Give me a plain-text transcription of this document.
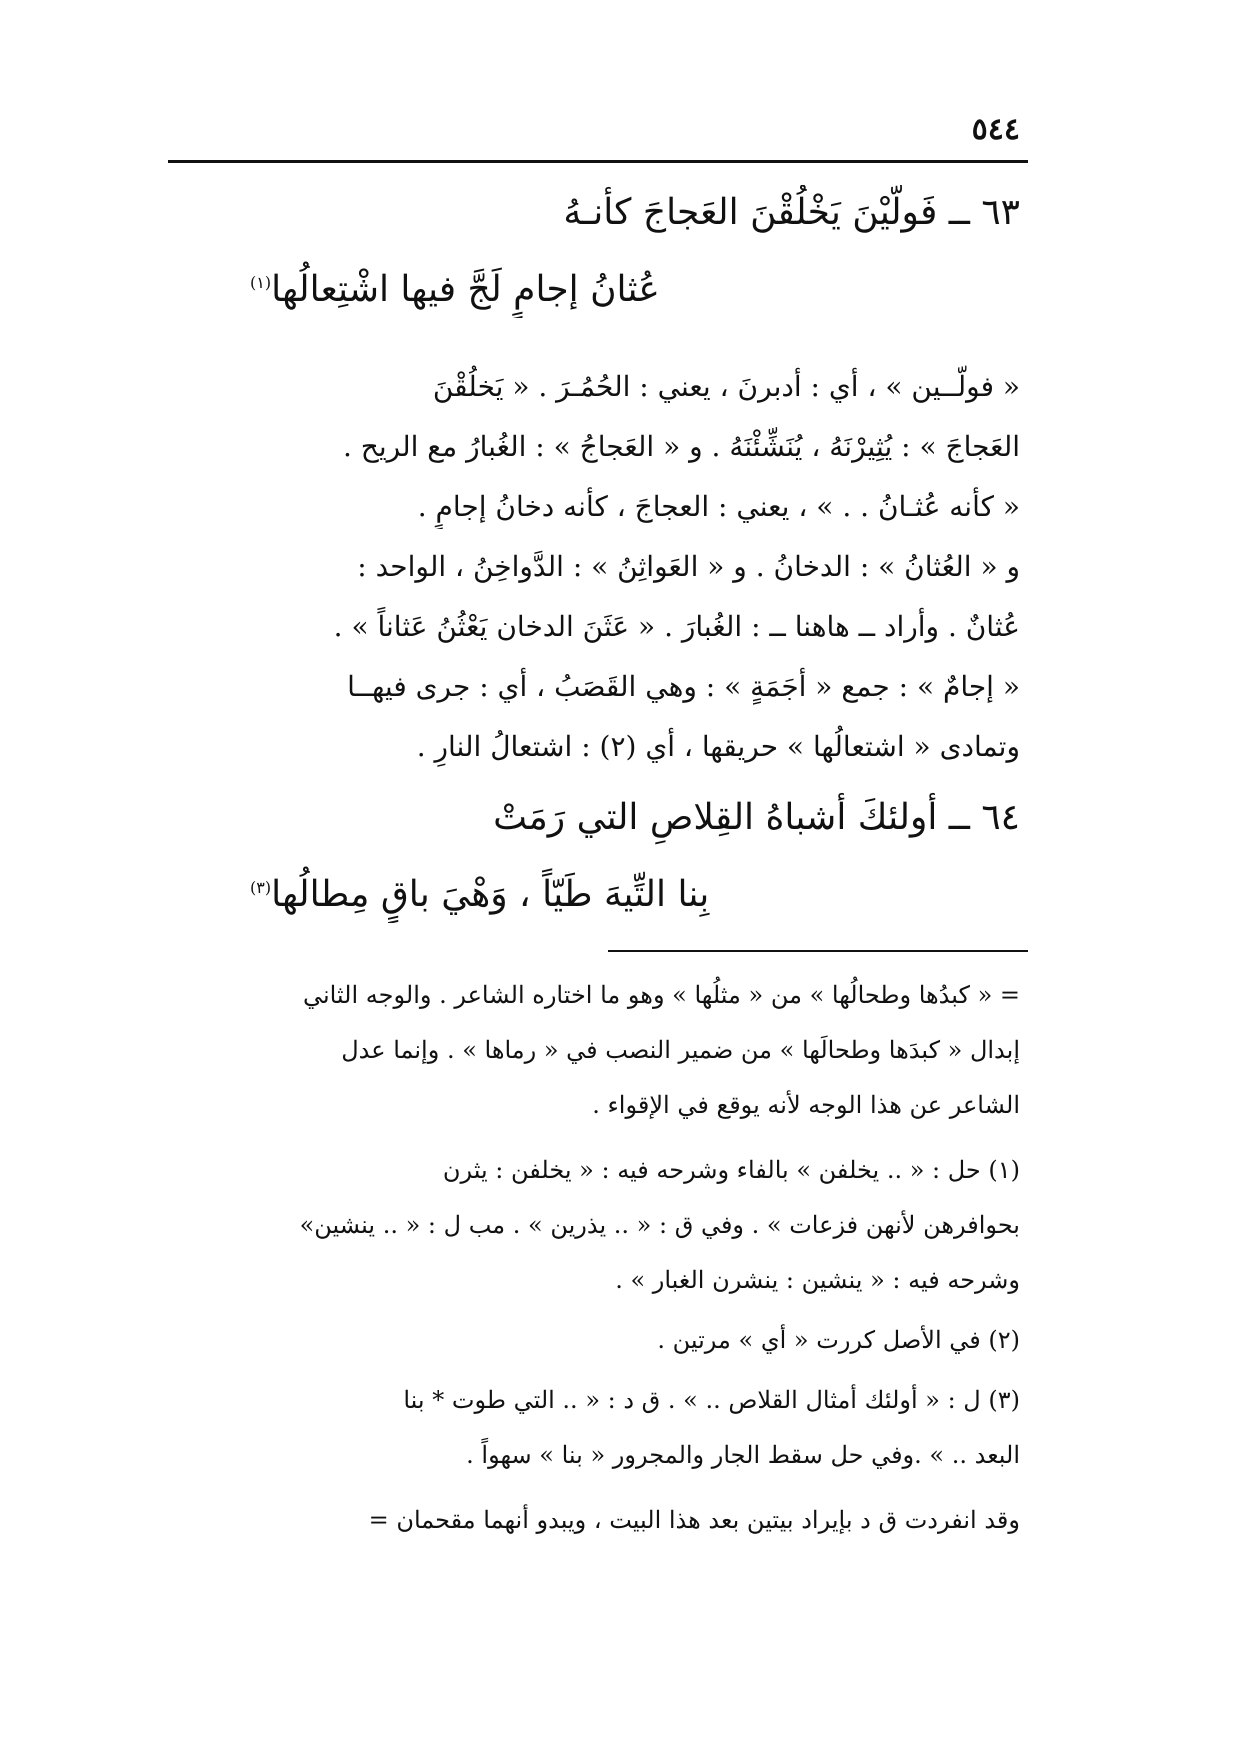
٥٤٤
٦٣ ــ فَولّيْنَ يَخْلُقْنَ العَجاجَ كأنـهُ
عُثانُ إجامٍ لَجَّ فيها اشْتِعالُها$^{(١)}$
« فولّــين » ، أي : أدبرنَ ، يعني : الحُمُـرَ . « يَخلُقْنَ
العَجاجَ » : يُثِيرْنَهُ ، يُنَشِّئْنَهُ . و « العَجاجُ » : الغُبارُ مع الريح .
« كأنه عُثـانُ . . » ، يعني : العجاجَ ، كأنه دخانُ إجامٍ .
و « العُثانُ » : الدخانُ . و « العَواثِنُ » : الدَّواخِنُ ، الواحد :
عُثانٌ . وأراد ــ هاهنا ــ : الغُبارَ . « عَثَنَ الدخان يَعْثُنُ عَثاناً » .
« إجامٌ » : جمع « أجَمَةٍ » : وهي القَصَبُ ، أي : جرى فيهــا
وتمادى « اشتعالُها » حريقها ، أي (٢) : اشتعالُ النارِ .
٦٤ ــ أولئكَ أشباهُ القِلاصِ التي رَمَتْ
بِنا التِّيهَ طَيّاً ، وَهْيَ باقٍ مِطالُها$^{(٣)}$
= « كبدُها وطحالُها » من « مثلُها » وهو ما اختاره الشاعر . والوجه الثاني
إبدال « كبدَها وطحالَها » من ضمير النصب في « رماها » . وإنما عدل
الشاعر عن هذا الوجه لأنه يوقع في الإقواء .
(١) حل : « .. يخلفن » بالفاء وشرحه فيه : « يخلفن : يثرن
بحوافرهن لأنهن فزعات » . وفي ق : « .. يذرين » . مب ل : « .. ينشين»
وشرحه فيه : « ينشين : ينشرن الغبار » .
(٢) في الأصل كررت « أي » مرتين .
(٣) ل : « أولئك أمثال القلاص .. » . ق د : « .. التي طوت * بنا
البعد .. » .وفي حل سقط الجار والمجرور « بنا » سهواً .
وقد انفردت ق د بإيراد بيتين بعد هذا البيت ، ويبدو أنهما مقحمان =
